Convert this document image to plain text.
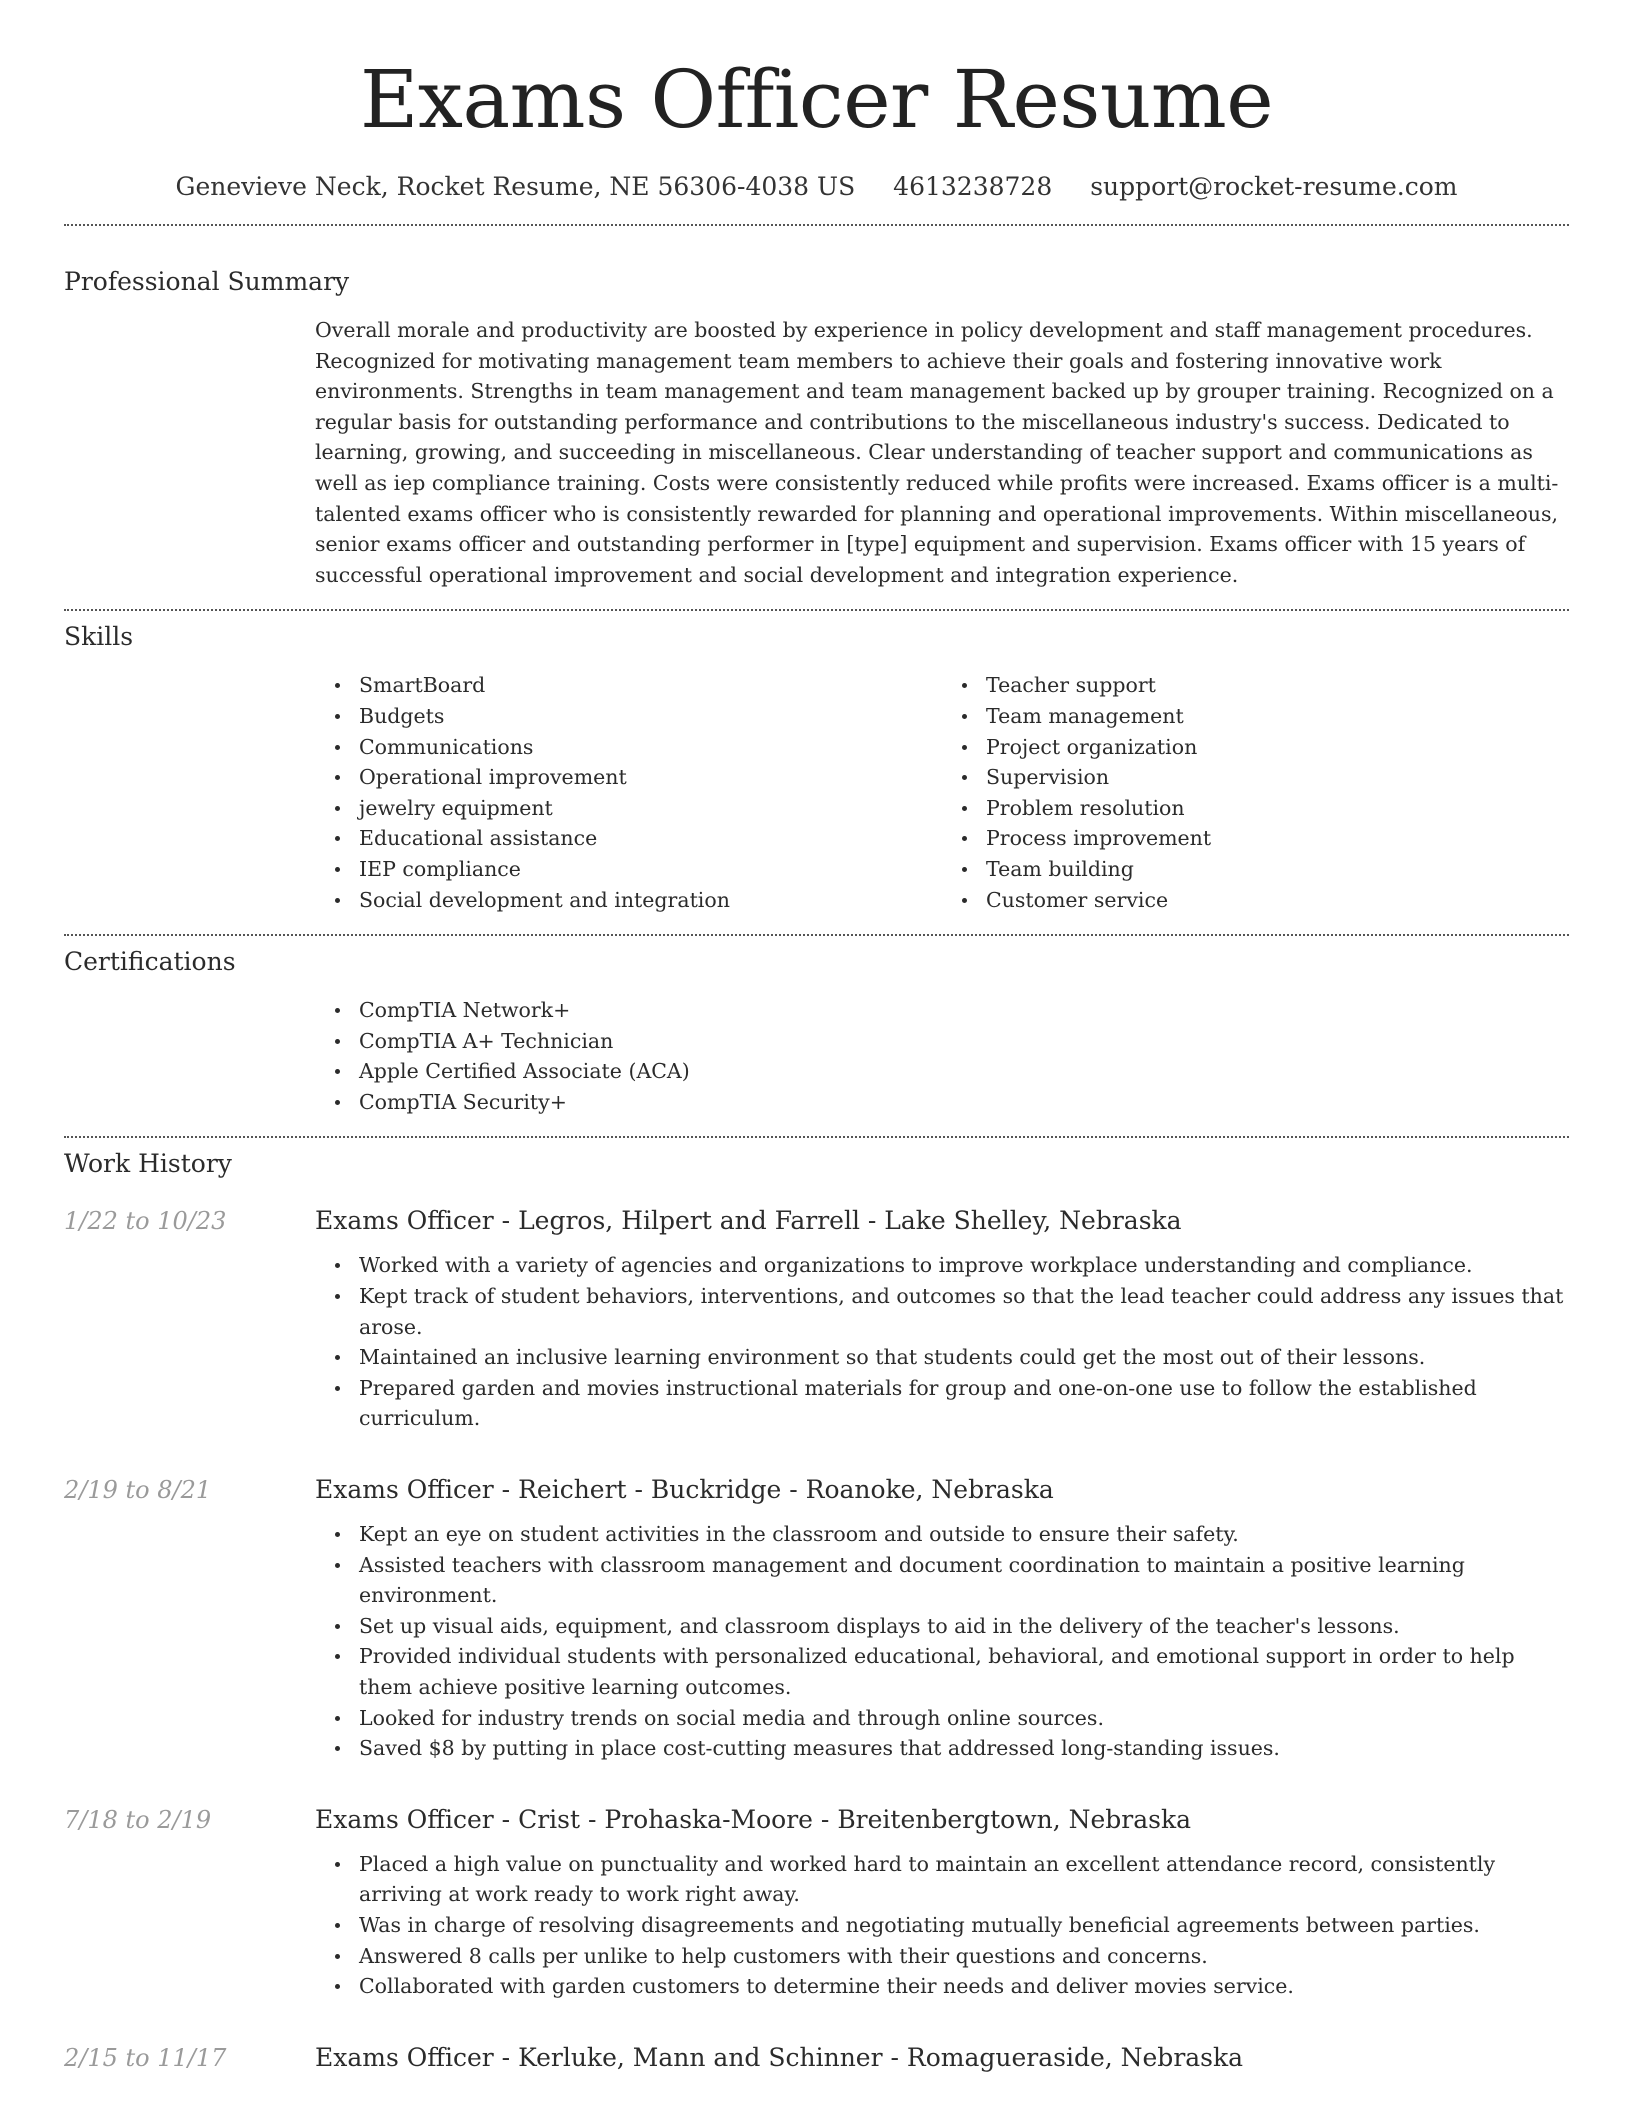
Exams Officer Resume
Genevieve Neck, Rocket Resume, NE 56306-4038 US 4613238728 support@rocket-resume.com
Professional Summary

Overall morale and productivity are boosted by experience in policy development and staff management procedures. Recognized for motivating management team members to achieve their goals and fostering innovative work environments. Strengths in team management and team management backed up by grouper training. Recognized on a regular basis for outstanding performance and contributions to the miscellaneous industry's success. Dedicated to learning, growing, and succeeding in miscellaneous. Clear understanding of teacher support and communications as well as iep compliance training. Costs were consistently reduced while profits were increased. Exams officer is a multi-talented exams officer who is consistently rewarded for planning and operational improvements. Within miscellaneous, senior exams officer and outstanding performer in [type] equipment and supervision. Exams officer with 15 years of successful operational improvement and social development and integration experience.

Skills
SmartBoard
Budgets
Communications
Operational improvement
jewelry equipment
Educational assistance
IEP compliance
Social development and integration
Teacher support
Team management
Project organization
Supervision
Problem resolution
Process improvement
Team building
Customer service
Certifications
CompTIA Network+
CompTIA A+ Technician
Apple Certified Associate (ACA)
CompTIA Security+
Work History
1/22 to 10/23	Exams Officer - Legros, Hilpert and Farrell - Lake Shelley, Nebraska
Worked with a variety of agencies and organizations to improve workplace understanding and compliance.
Kept track of student behaviors, interventions, and outcomes so that the lead teacher could address any issues that arose.
Maintained an inclusive learning environment so that students could get the most out of their lessons.
Prepared garden and movies instructional materials for group and one-on-one use to follow the established curriculum.
2/19 to 8/21	Exams Officer - Reichert - Buckridge - Roanoke, Nebraska
Kept an eye on student activities in the classroom and outside to ensure their safety.
Assisted teachers with classroom management and document coordination to maintain a positive learning environment.
Set up visual aids, equipment, and classroom displays to aid in the delivery of the teacher's lessons.
Provided individual students with personalized educational, behavioral, and emotional support in order to help them achieve positive learning outcomes.
Looked for industry trends on social media and through online sources.
Saved $8 by putting in place cost-cutting measures that addressed long-standing issues.
7/18 to 2/19	Exams Officer - Crist - Prohaska-Moore - Breitenbergtown, Nebraska
Placed a high value on punctuality and worked hard to maintain an excellent attendance record, consistently arriving at work ready to work right away.
Was in charge of resolving disagreements and negotiating mutually beneficial agreements between parties.
Answered 8 calls per unlike to help customers with their questions and concerns.
Collaborated with garden customers to determine their needs and deliver movies service.
2/15 to 11/17	Exams Officer - Kerluke, Mann and Schinner - Romagueraside, Nebraska
